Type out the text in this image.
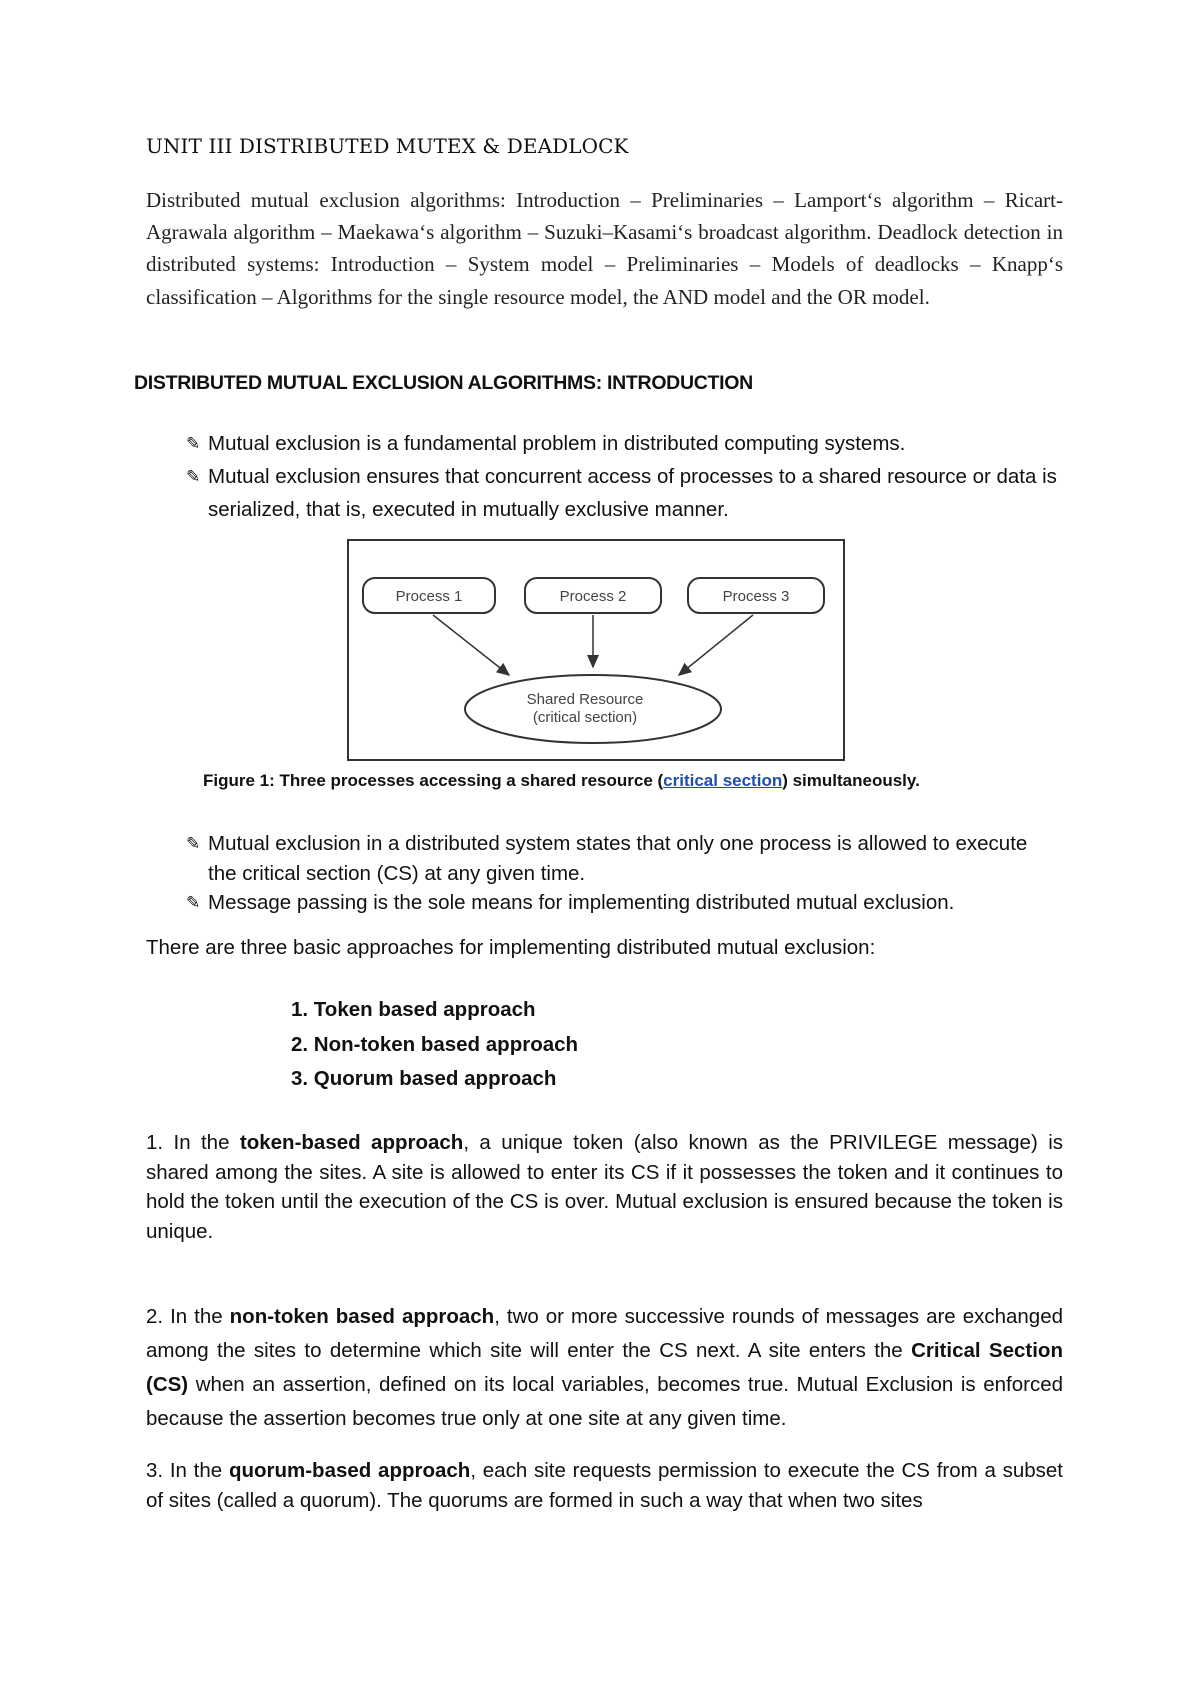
UNIT III DISTRIBUTED MUTEX & DEADLOCK
Distributed mutual exclusion algorithms: Introduction – Preliminaries – Lamport‘s algorithm – Ricart-Agrawala algorithm – Maekawa‘s algorithm – Suzuki–Kasami‘s broadcast algorithm. Deadlock detection in distributed systems: Introduction – System model – Preliminaries – Models of deadlocks – Knapp‘s classification – Algorithms for the single resource model, the AND model and the OR model.
DISTRIBUTED MUTUAL EXCLUSION ALGORITHMS: INTRODUCTION
✎ Mutual exclusion is a fundamental problem in distributed computing systems.
✎ Mutual exclusion ensures that concurrent access of processes to a shared resource or data is serialized, that is, executed in mutually exclusive manner.
Process 1	Process 2	Process 3
Shared Resource
(critical section)
Figure 1: Three processes accessing a shared resource (critical section) simultaneously.
✎ Mutual exclusion in a distributed system states that only one process is allowed to execute the critical section (CS) at any given time.
✎ Message passing is the sole means for implementing distributed mutual exclusion.
There are three basic approaches for implementing distributed mutual exclusion:
1. Token based approach
2. Non-token based approach
3. Quorum based approach
1. In the token-based approach, a unique token (also known as the PRIVILEGE message) is shared among the sites. A site is allowed to enter its CS if it possesses the token and it continues to hold the token until the execution of the CS is over. Mutual exclusion is ensured because the token is unique.
2. In the non-token based approach, two or more successive rounds of messages are exchanged among the sites to determine which site will enter the CS next. A site enters the Critical Section (CS) when an assertion, defined on its local variables, becomes true. Mutual Exclusion is enforced because the assertion becomes true only at one site at any given time.
3. In the quorum-based approach, each site requests permission to execute the CS from a subset of sites (called a quorum). The quorums are formed in such a way that when two sites
